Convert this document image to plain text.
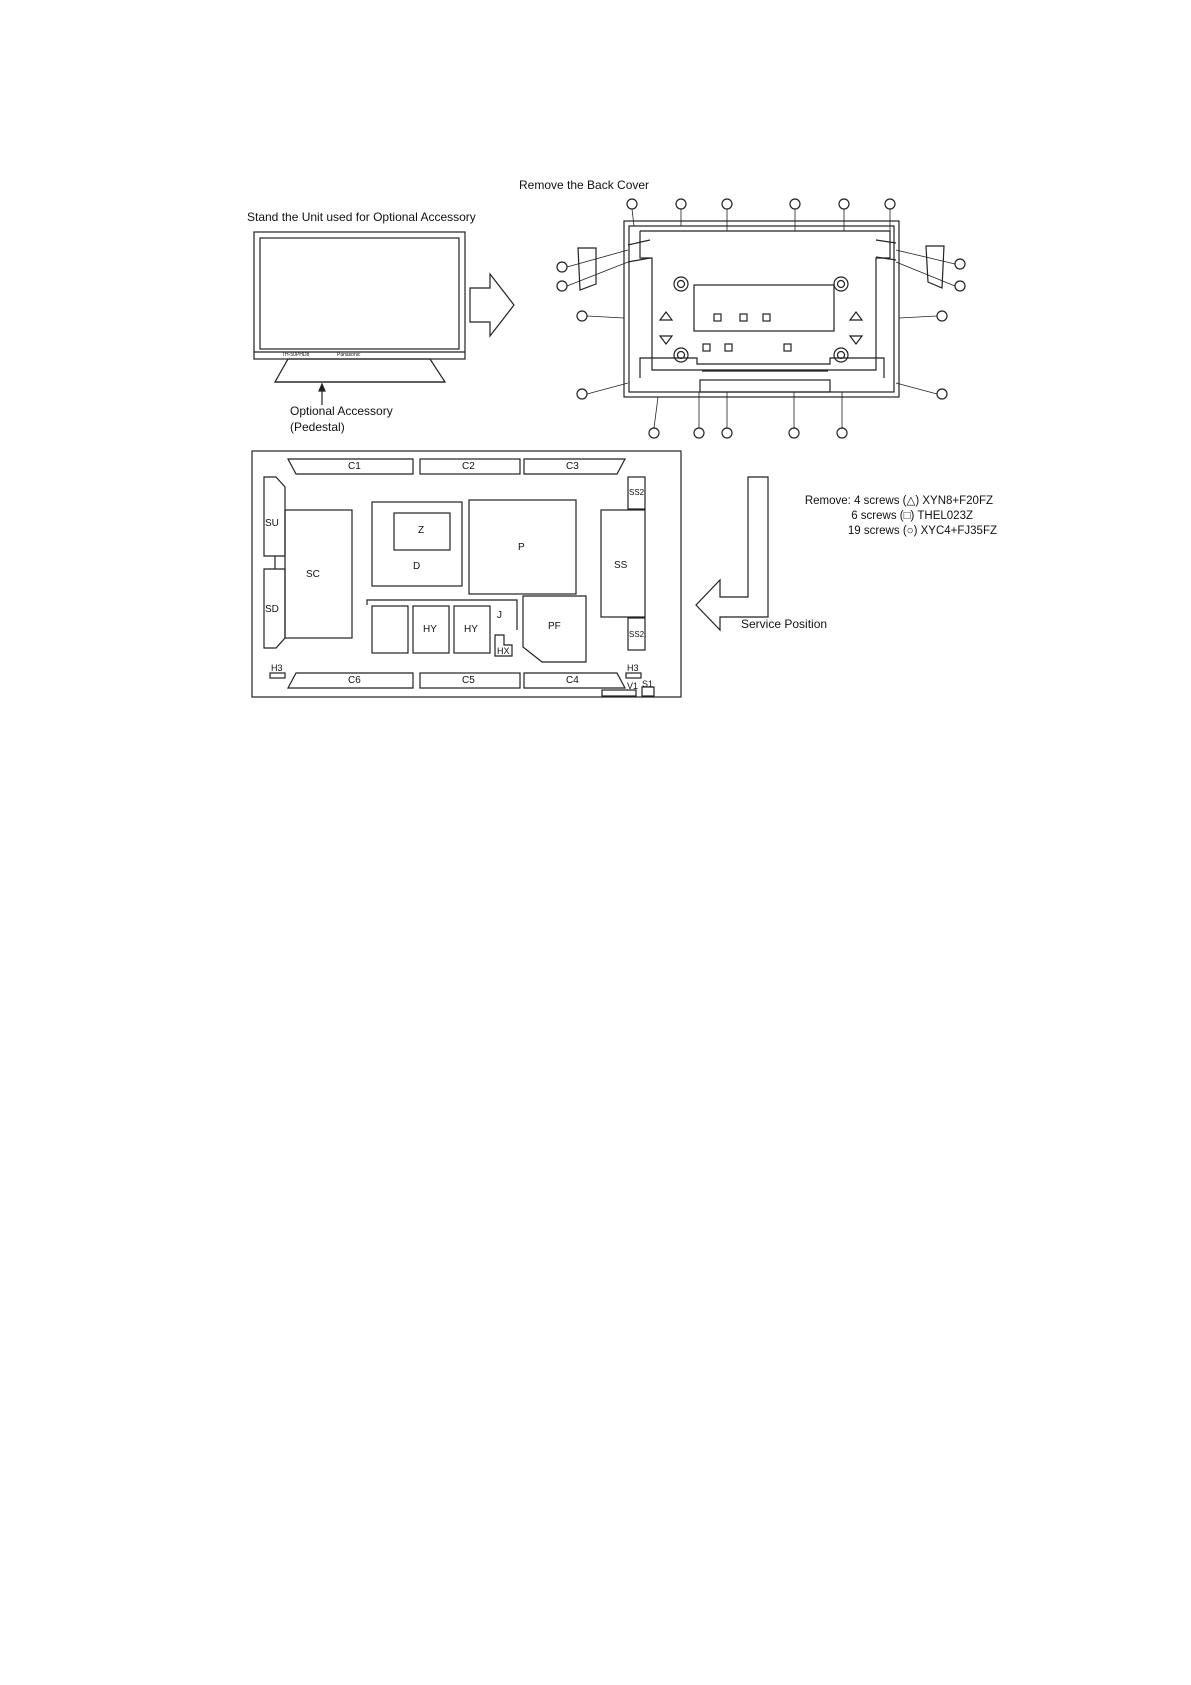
Remove the Back Cover
Stand the Unit used for Optional Accessory
Optional Accessory
(Pedestal)
Service Position
Panasonic
TH-50PHD8
Remove: 4 screws (△) XYN8+F20FZ
6 screws (□) THEL023Z
19 screws (○) XYC4+FJ35FZ
C1	C2	C3
C4
C5
C6
SU
SD
SC
Z
D
P
SS
SS2
SS2
HY	HY
J
HX
PF
H3	H3
V1 S1
